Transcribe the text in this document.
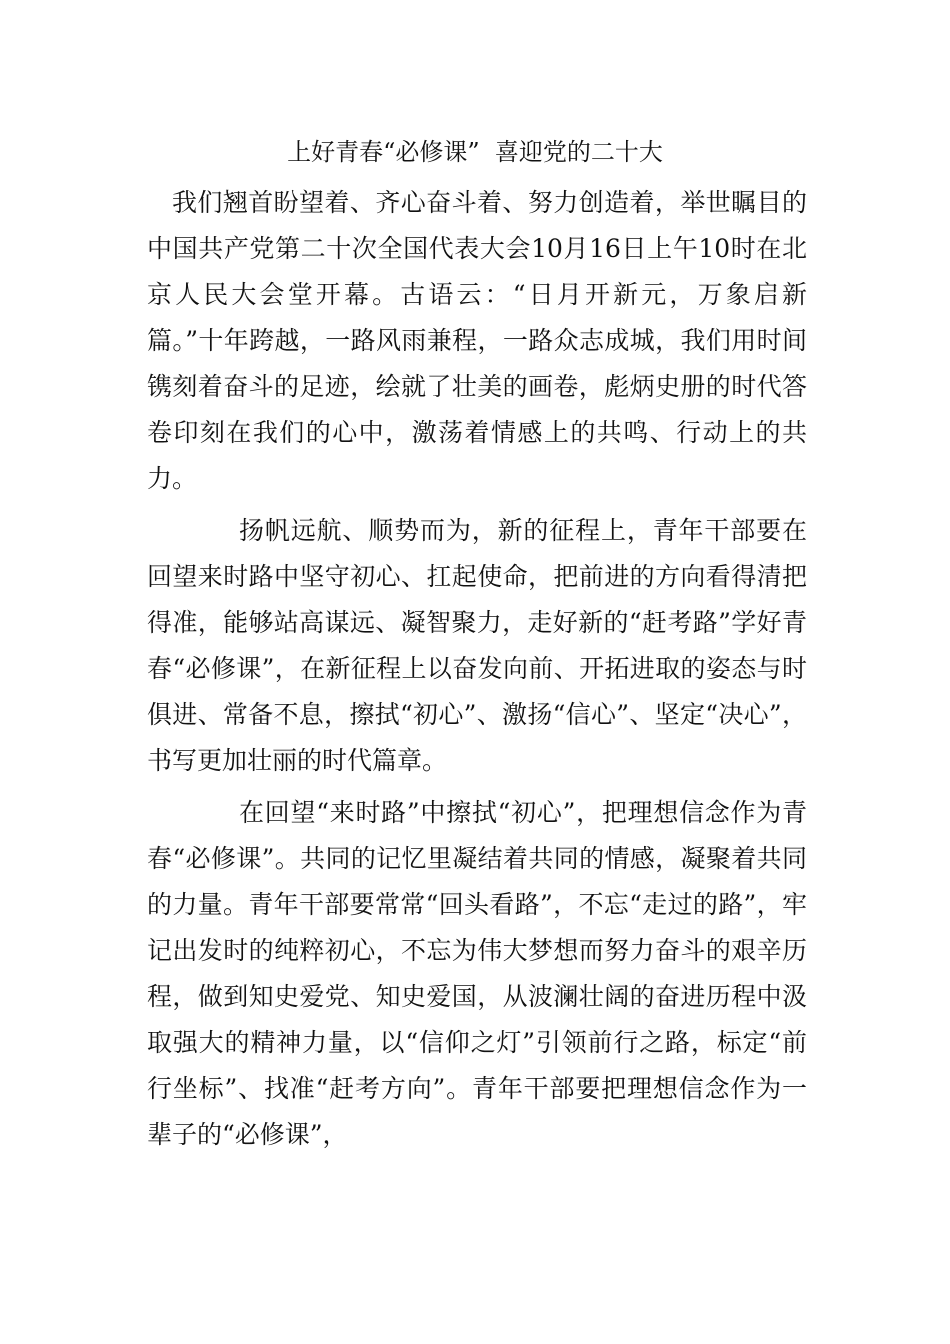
上好青春“必修课”  喜迎党的二十大

我们翘首盼望着、齐心奋斗着、努力创造着，举世瞩目的中国共产党第二十次全国代表大会10月16日上午10时在北京人民大会堂开幕。古语云：“日月开新元，万象启新篇。”十年跨越，一路风雨兼程，一路众志成城，我们用时间镌刻着奋斗的足迹，绘就了壮美的画卷，彪炳史册的时代答卷印刻在我们的心中，激荡着情感上的共鸣、行动上的共力。

扬帆远航、顺势而为，新的征程上，青年干部要在回望来时路中坚守初心、扛起使命，把前进的方向看得清把得准，能够站高谋远、凝智聚力，走好新的“赶考路”学好青春“必修课”，在新征程上以奋发向前、开拓进取的姿态与时俱进、常备不息，擦拭“初心”、激扬“信心”、坚定“决心”，书写更加壮丽的时代篇章。

在回望“来时路”中擦拭“初心”，把理想信念作为青春“必修课”。共同的记忆里凝结着共同的情感，凝聚着共同的力量。青年干部要常常“回头看路”，不忘“走过的路”，牢记出发时的纯粹初心，不忘为伟大梦想而努力奋斗的艰辛历程，做到知史爱党、知史爱国，从波澜壮阔的奋进历程中汲取强大的精神力量，以“信仰之灯”引领前行之路，标定“前行坐标”、找准“赶考方向”。青年干部要把理想信念作为一辈子的“必修课”，
